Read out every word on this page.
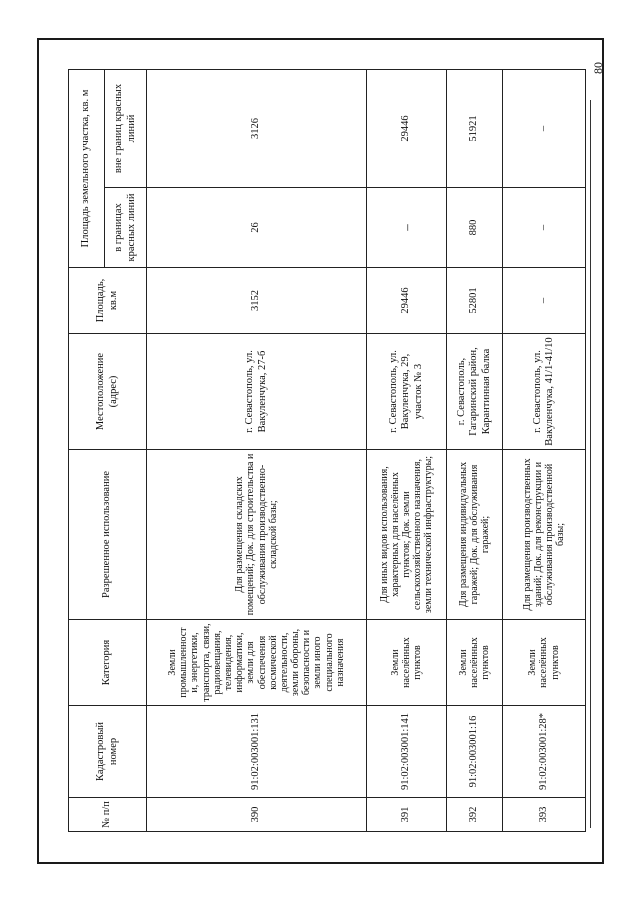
80
№ п/п	Кадастровый номер	Категория	Разрешенное использование	Местоположение (адрес)	Площадь, кв.м	Площадь земельного участка, кв. м	
						в границах красных линий	вне границ красных линий
390	91:02:003001:131	Земли промышленност и, энергетики, транспорта, связи, радиовещания, телевидения, информатики, земли для обеспечения космической деятельности, земли обороны, безопасности и земли иного специального назначения	Для размещения складских помещений; Док. для строительства и обслуживания производственно-складской базы;	г. Севастополь, ул. Вакуленчука, 27-б	3152	26	3126
391	91:02:003001:141	Земли населённых пунктов	Для иных видов использования, характерных для населённых пунктов; Док. земли сельскохозяйственного назначения, земли технической инфраструктуры;	г. Севастополь, ул. Вакуленчука, 29, участок № 3	29446	–	29446
392	91:02:003001:16	Земли населённых пунктов	Для размещения индивидуальных гаражей; Док. для обслуживания гаражей;	г. Севастополь, Гагаринский район, Карантинная балка	52801	880	51921
393	91:02:003001:28*	Земли населённых пунктов	Для размещения производственных зданий; Док. для реконструкции и обслуживания производственной базы;	г. Севастополь, ул. Вакуленчука, 41/1-41/10	–	–	–
